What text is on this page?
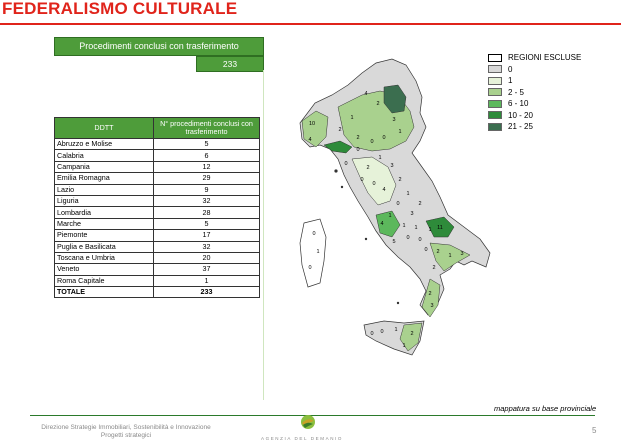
FEDERALISMO CULTURALE
Procedimenti conclusi con trasferimento
233
DDTT	N° procedimenti conclusi con trasferimento
Abruzzo e Molise	5
Calabria	6
Campania	12
Emilia Romagna	29
Lazio	9
Liguria	32
Lombardia	28
Marche	5
Piemonte	17
Puglia e Basilicata	32
Toscana e Umbria	20
Veneto	37
Roma Capitale	1
TOTALE	233
4
2
10
4
2
1	3
1
2
0
0
1
3
2
0
0
4
2
1
2
0
1
4
3
1 1
0 0
1
0 2
11
3
1
2
2
3
5
2
0 1
1
0
0
1
0
0
0
REGIONI ESCLUSE
0
1
2 - 5
6 - 10
10 - 20
21 - 25
mappatura su base provinciale
Direzione Strategie Immobiliari, Sostenibilità e Innovazione
Progetti strategici	AGENZIA DEL DEMANIO
5
